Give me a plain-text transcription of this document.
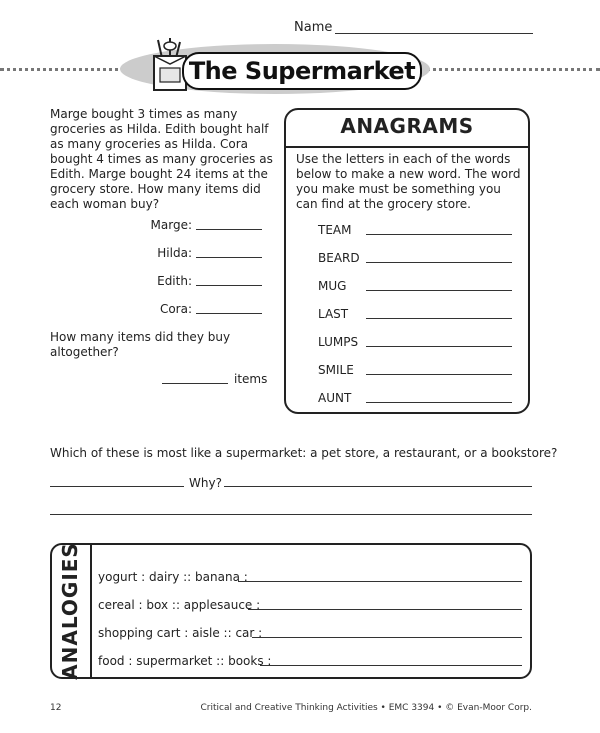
Name
The Supermarket
Marge bought 3 times as many groceries as Hilda. Edith bought half as many groceries as Hilda. Cora bought 4 times as many groceries as Edith. Marge bought 24 items at the grocery store. How many items did each woman buy?
Marge:
Hilda:
Edith:
Cora:
How many items did they buy altogether?
items
ANAGRAMS
Use the letters in each of the words below to make a new word. The word you make must be something you can find at the grocery store.
TEAM
BEARD
MUG
LAST
LUMPS
SMILE
AUNT
Which of these is most like a supermarket: a pet store, a restaurant, or a bookstore?
Why?
ANALOGIES yogurt : dairy :: banana :
cereal : box :: applesauce :
shopping cart : aisle :: car :
food : supermarket :: books :
12	Critical and Creative Thinking Activities • EMC 3394 • © Evan-Moor Corp.
